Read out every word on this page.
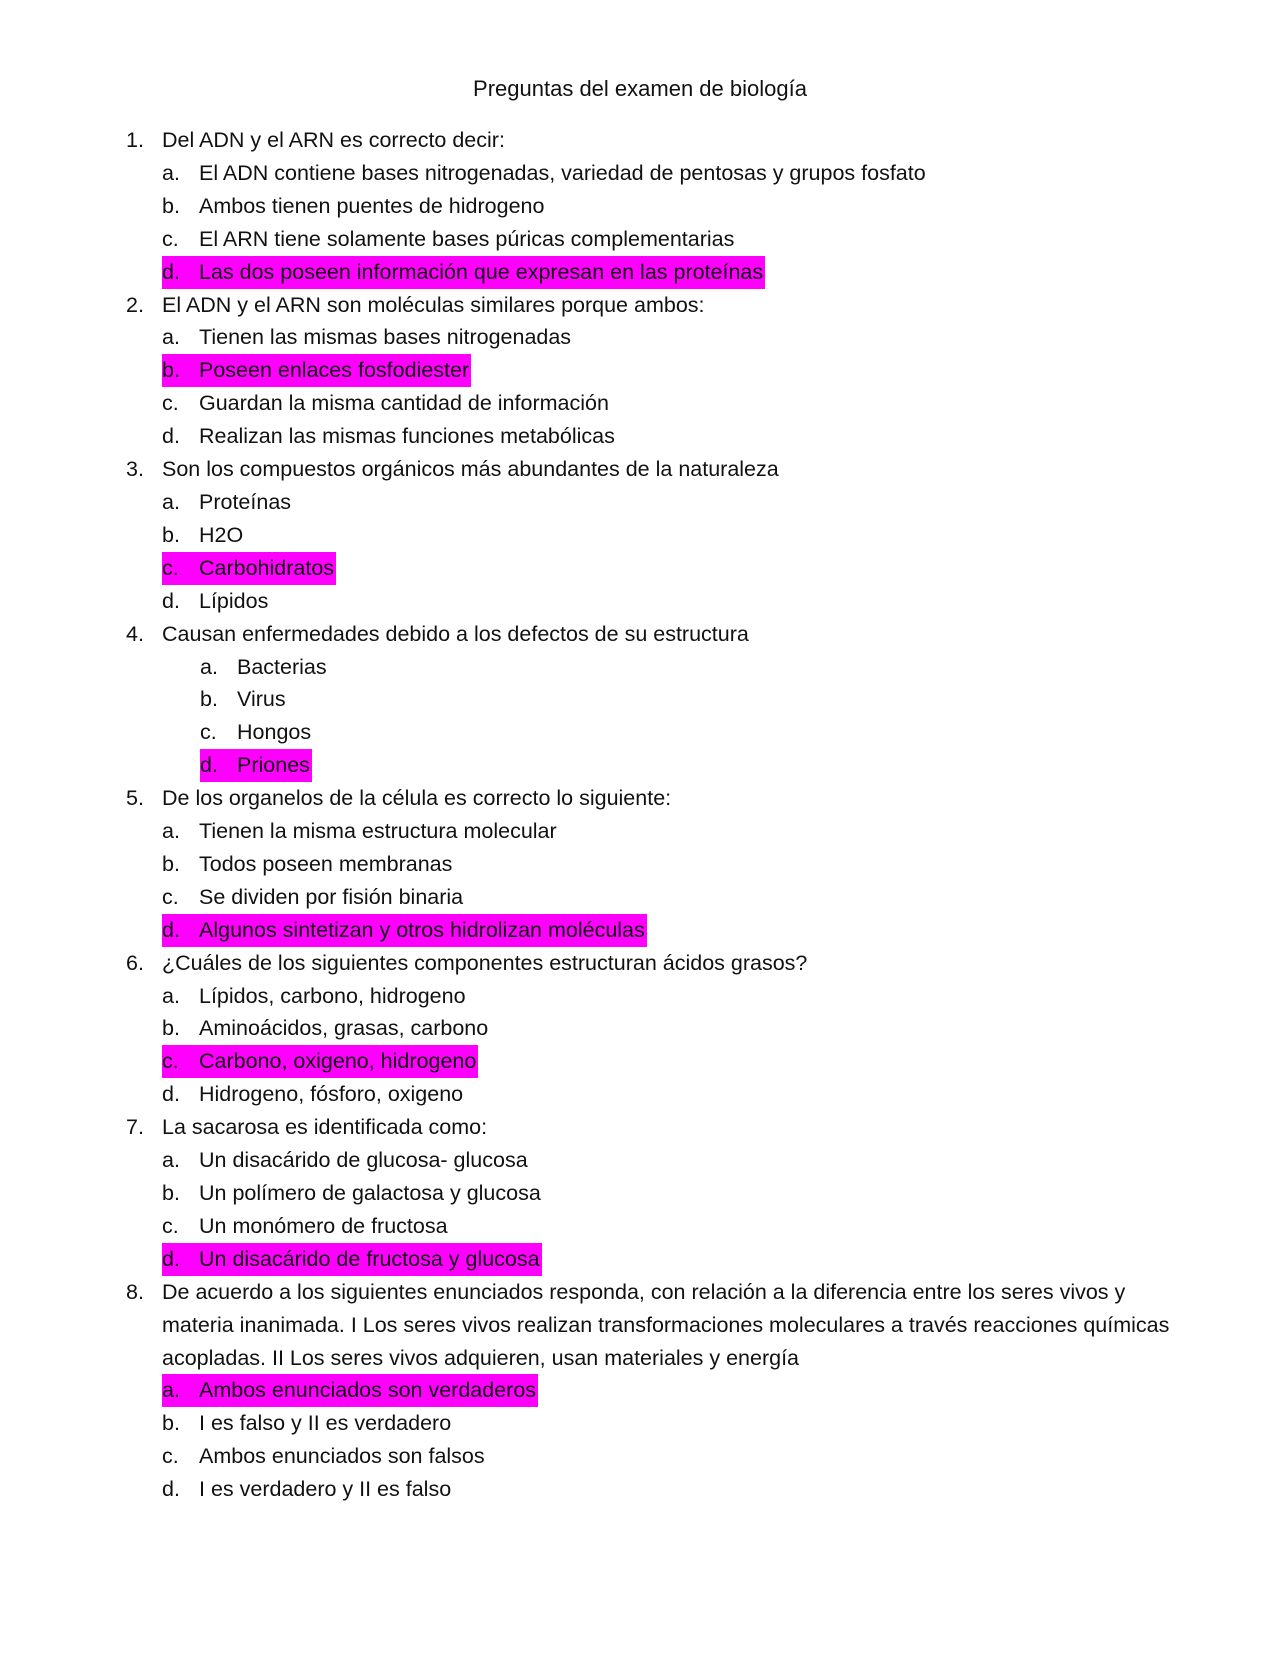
Preguntas del examen de biología
1. Del ADN y el ARN es correcto decir:
a. El ADN contiene bases nitrogenadas, variedad de pentosas y grupos fosfato
b. Ambos tienen puentes de hidrogeno
c. El ARN tiene solamente bases púricas complementarias
d. Las dos poseen información que expresan en las proteínas
2. El ADN y el ARN son moléculas similares porque ambos:
a. Tienen las mismas bases nitrogenadas
b. Poseen enlaces fosfodiester
c. Guardan la misma cantidad de información
d. Realizan las mismas funciones metabólicas
3. Son los compuestos orgánicos más abundantes de la naturaleza
a. Proteínas
b. H2O
c. Carbohidratos
d. Lípidos
4. Causan enfermedades debido a los defectos de su estructura
a. Bacterias
b. Virus
c. Hongos
d. Priones
5. De los organelos de la célula es correcto lo siguiente:
a. Tienen la misma estructura molecular
b. Todos poseen membranas
c. Se dividen por fisión binaria
d. Algunos sintetizan y otros hidrolizan moléculas
6. ¿Cuáles de los siguientes componentes estructuran ácidos grasos?
a. Lípidos, carbono, hidrogeno
b. Aminoácidos, grasas, carbono
c. Carbono, oxigeno, hidrogeno
d. Hidrogeno, fósforo, oxigeno
7. La sacarosa es identificada como:
a. Un disacárido de glucosa- glucosa
b. Un polímero de galactosa y glucosa
c. Un monómero de fructosa
d. Un disacárido de fructosa y glucosa
8. De acuerdo a los siguientes enunciados responda, con relación a la diferencia entre los seres vivos y materia inanimada. I Los seres vivos realizan transformaciones moleculares a través reacciones químicas acopladas. II Los seres vivos adquieren, usan materiales y energía
a. Ambos enunciados son verdaderos
b. I es falso y II es verdadero
c. Ambos enunciados son falsos
d. I es verdadero y II es falso
